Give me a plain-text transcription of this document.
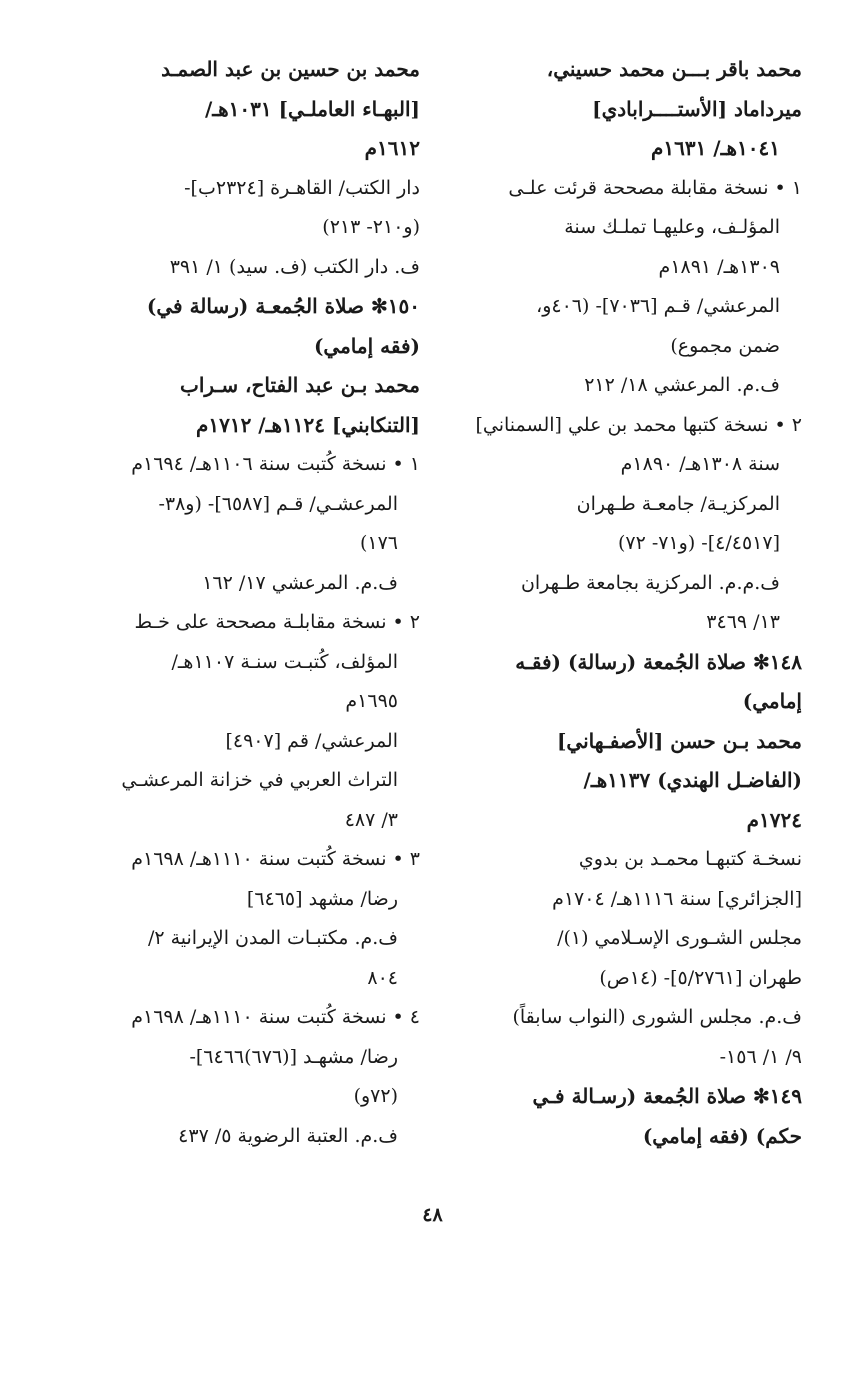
محمد باقر بـــن محمد حسيني،
ميرداماد [الأستــــرابادي]
١٠٤١هـ/ ١٦٣١م
١ • نسخة مقابلة مصححة قرئت علـى
المؤلـف، وعليهـا تملـك سنة
١٣٠٩هـ/ ١٨٩١م
المرعشي/ قـم [٧٠٣٦]- (٤٠٦و،
ضمن مجموع)
ف.م. المرعشي ١٨/ ٢١٢
٢ • نسخة كتبها محمد بن علي [السمناني]
سنة ١٣٠٨هـ/ ١٨٩٠م
المركزيـة/ جامعـة طـهران
[٤/٤٥١٧]- (و٧١- ٧٢)
ف.م.م. المركزية بجامعة طـهران
١٣/ ٣٤٦٩
١٤٨✻ صلاة الجُمعة (رسالة) (فقـه
إمامي)
محمد بـن حسن [الأصفـهاني]
(الفاضـل الهندي) ١١٣٧هـ/
١٧٢٤م
نسخـة كتبهـا محمـد بن بدوي
[الجزائري] سنة ١١١٦هـ/ ١٧٠٤م
مجلس الشـورى الإسـلامي (١)/
طهران [٥/٢٧٦١]- (١٤ص)
ف.م. مجلس الشورى (النواب سابقاً)
٩/ ١/ ١٥٦-
١٤٩✻ صلاة الجُمعة (رسـالة فـي
حكم) (فقه إمامي)
محمد بن حسين بن عبد الصمـد
[البهـاء العاملـي] ١٠٣١هـ/
١٦١٢م
دار الكتب/ القاهـرة [٢٣٢٤ب]-
(و٢١٠- ٢١٣)
ف. دار الكتب (ف. سيد) ١/ ٣٩١
١٥٠✻ صلاة الجُمعـة (رسالة في)
(فقه إمامي)
محمد بـن عبد الفتاح، سـراب
[التنكابني] ١١٢٤هـ/ ١٧١٢م
١ • نسخة كُتبت سنة ١١٠٦هـ/ ١٦٩٤م
المرعشـي/ قـم [٦٥٨٧]- (و٣٨-
١٧٦)
ف.م. المرعشي ١٧/ ١٦٢
٢ • نسخة مقابلـة مصححة على خـط
المؤلف، كُتبـت سنـة ١١٠٧هـ/
١٦٩٥م
المرعشي/ قم [٤٩٠٧]
التراث العربي في خزانة المرعشـي
٣/ ٤٨٧
٣ • نسخة كُتبت سنة ١١١٠هـ/ ١٦٩٨م
رضا/ مشهد [٦٤٦٥]
ف.م. مكتبـات المدن الإيرانية ٢/
٨٠٤
٤ • نسخة كُتبت سنة ١١١٠هـ/ ١٦٩٨م
رضا/ مشهـد [(٦٧٦)٦٤٦٦]-
(٧٢و)
ف.م. العتبة الرضوية ٥/ ٤٣٧
٤٨
